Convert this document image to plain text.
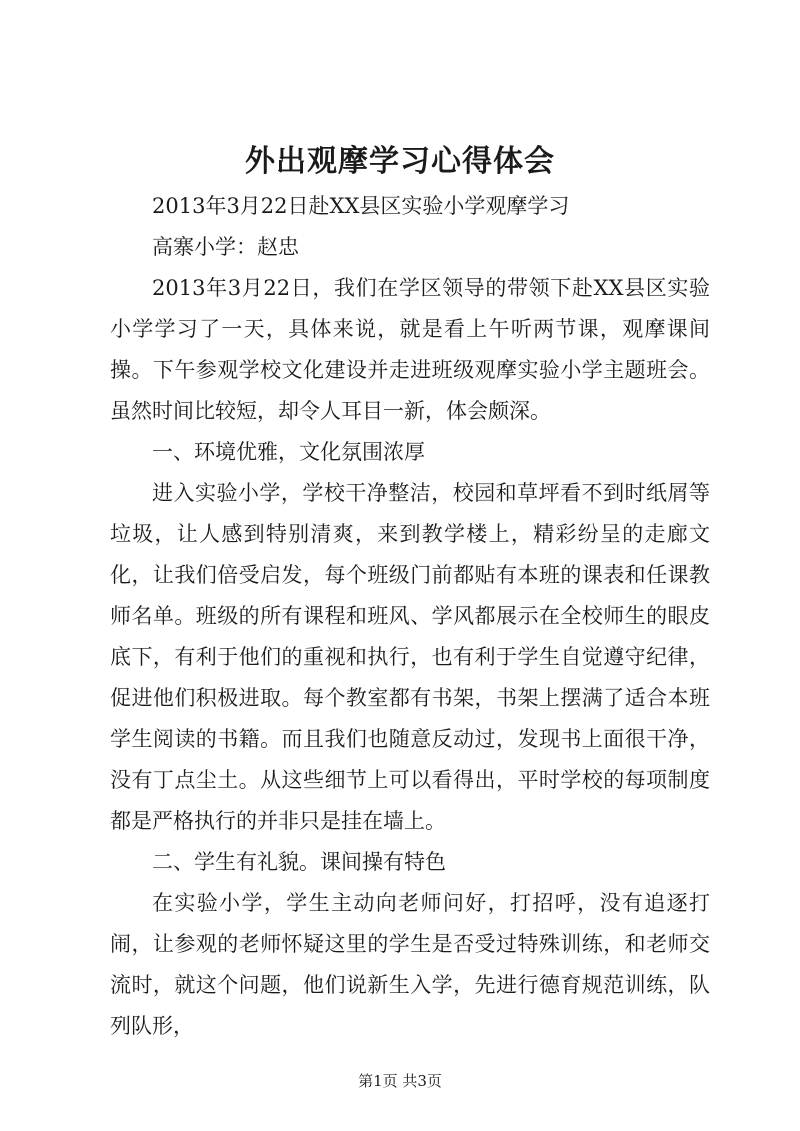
外出观摩学习心得体会

2013年3月22日赴XX县区实验小学观摩学习

高寨小学：赵忠

2013年3月22日，我们在学区领导的带领下赴XX县区实验小学学习了一天，具体来说，就是看上午听两节课，观摩课间操。下午参观学校文化建设并走进班级观摩实验小学主题班会。虽然时间比较短，却令人耳目一新，体会颇深。

一、环境优雅，文化氛围浓厚

进入实验小学，学校干净整洁，校园和草坪看不到时纸屑等垃圾，让人感到特别清爽，来到教学楼上，精彩纷呈的走廊文化，让我们倍受启发，每个班级门前都贴有本班的课表和任课教师名单。班级的所有课程和班风、学风都展示在全校师生的眼皮底下，有利于他们的重视和执行，也有利于学生自觉遵守纪律，促进他们积极进取。每个教室都有书架，书架上摆满了适合本班学生阅读的书籍。而且我们也随意反动过，发现书上面很干净，没有丁点尘土。从这些细节上可以看得出，平时学校的每项制度都是严格执行的并非只是挂在墙上。

二、学生有礼貌。课间操有特色

在实验小学，学生主动向老师问好，打招呼，没有追逐打闹，让参观的老师怀疑这里的学生是否受过特殊训练，和老师交流时，就这个问题，他们说新生入学，先进行德育规范训练，队列队形，

第1页 共3页
